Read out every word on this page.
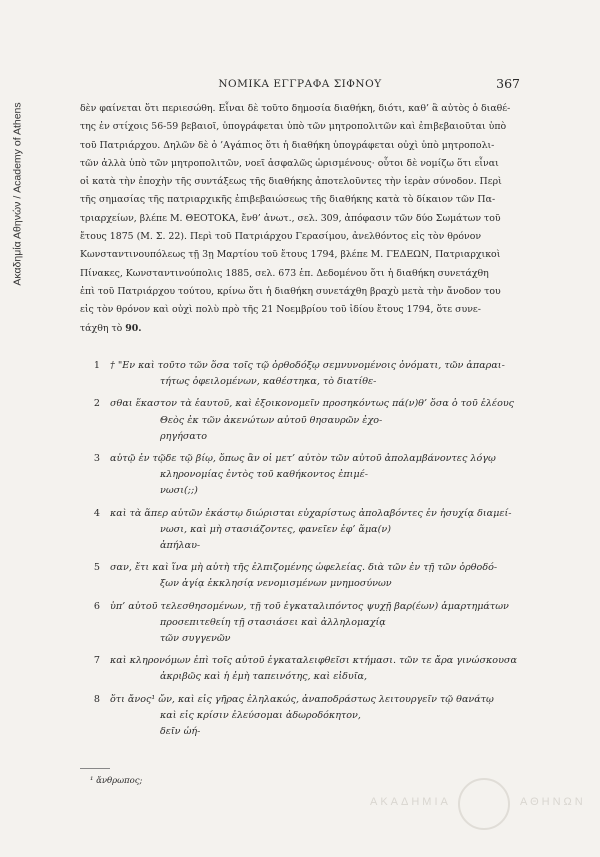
Ακαδημία Αθηνών / Academy of Athens
ΝΟΜΙΚΑ ΕΓΓΡΑΦΑ ΣΙΦΝΟΥ	367
δὲν φαίνεται ὅτι περιεσώθη. Εἶναι δὲ τοῦτο δημοσία διαθήκη, διότι, καθ’ ἃ αὐτὸς ὁ διαθέ-
της ἐν στίχοις 56-59 βεβαιοῖ, ὑπογράφεται ὑπὸ τῶν μητροπολιτῶν καὶ ἐπιβεβαιοῦται ὑπὸ
τοῦ Πατριάρχου. Δηλῶν δὲ ὁ ’Αγάπιος ὅτι ἡ διαθήκη ὑπογράφεται οὐχὶ ὑπὸ μητροπολι-
τῶν ἀλλὰ ὑπὸ τῶν μητροπολιτῶν, νοεῖ ἀσφαλῶς ὡρισμένους· οὗτοι δὲ νομίζω ὅτι εἶναι
οἱ κατὰ τὴν ἐποχὴν τῆς συντάξεως τῆς διαθήκης ἀποτελοῦντες τὴν ἱερὰν σύνοδον. Περὶ
τῆς σημασίας τῆς πατριαρχικῆς ἐπιβεβαιώσεως τῆς διαθήκης κατὰ τὸ δίκαιον τῶν Πα-
τριαρχείων, βλέπε Μ. ΘΕΟΤΟΚΑ, ἔνθ’ ἀνωτ., σελ. 309, ἀπόφασιν τῶν δύο Σωμάτων τοῦ
ἔτους 1875 (Μ. Σ. 22). Περὶ τοῦ Πατριάρχου Γερασίμου, ἀνελθόντος εἰς τὸν θρόνον
Κωνσταντινουπόλεως τῇ 3ῃ Μαρτίου τοῦ ἔτους 1794, βλέπε Μ. ΓΕΔΕΩΝ, Πατριαρχικοὶ
Πίνακες, Κωνσταντινούπολις 1885, σελ. 673 ἑπ. Δεδομένου ὅτι ἡ διαθήκη συνετάχθη
ἐπὶ τοῦ Πατριάρχου τούτου, κρίνω ὅτι ἡ διαθήκη συνετάχθη βραχὺ μετὰ τὴν ἄνοδον του
εἰς τὸν θρόνον καὶ οὐχὶ πολὺ πρὸ τῆς 21 Νοεμβρίου τοῦ ἰδίου ἔτους 1794, ὅτε συνε-
τάχθη τὸ 90.
1 † "Εν καὶ τοῦτο τῶν ὅσα τοῖς τῷ ὀρθοδόξῳ σεμνυνομένοις ὀνόματι, τῶν ἀπαραι-
τήτως ὀφειλομένων, καθέστηκα, τὸ διατίθε-
2 σθαι ἕκαστον τὰ ἑαυτοῦ, καὶ ἐξοικονομεῖν προσηκόντως πά(ν)θ’ ὅσα ὁ τοῦ ἐλέους
Θεὸς ἐκ τῶν ἀκενώτων αὐτοῦ θησαυρῶν ἐχο-
ρηγήσατο
3 αὐτῷ ἐν τῷδε τῷ βίῳ, ὅπως ἂν οἱ μετ’ αὐτὸν τῶν αὐτοῦ ἀπολαμβάνοντες λόγῳ
κληρονομίας ἐντὸς τοῦ καθήκοντος ἐπιμέ-
νωσι(;;)
4 καὶ τὰ ἅπερ αὐτῶν ἑκάστῳ διώρισται εὐχαρίστως ἀπολαβόντες ἐν ἡσυχίᾳ διαμεί-
νωσι, καὶ μὴ στασιάζοντες, φανεῖεν ἐφ’ ἅμα(ν)
ἀπήλαυ-
5 σαν, ἔτι καὶ ἵνα μὴ αὐτὴ τῆς ἐλπιζομένης ὠφελείας. διὰ τῶν ἐν τῇ τῶν ὀρθοδό-
ξων ἁγίᾳ ἐκκλησίᾳ νενομισμένων μνημοσύνων
6 ὑπ’ αὐτοῦ τελεσθησομένων, τῇ τοῦ ἐγκαταλιπόντος ψυχῇ βαρ(έων) ἁμαρτημάτων
προσεπιτεθείη τῇ στασιάσει καὶ ἀλληλομαχίᾳ
τῶν συγγενῶν
7 καὶ κληρονόμων ἐπὶ τοῖς αὐτοῦ ἐγκαταλειφθεῖσι κτήμασι. τῶν τε ἄρα γινώσκουσα
ἀκριβῶς καὶ ἡ ἐμὴ ταπεινότης, καὶ εἰδυῖα,
8 ὅτι ἄνος¹ ὤν, καὶ εἰς γῆρας ἐληλακώς, ἀναποδράστως λειτουργεῖν τῷ θανάτῳ
καὶ εἰς κρίσιν ἐλεύσομαι ἀδωροδόκητον,
δεῖν ὡή-
¹ ἄνθρωπος;
ΑΚΑΔΗΜΙΑ	ΑΘΗΝΩΝ
